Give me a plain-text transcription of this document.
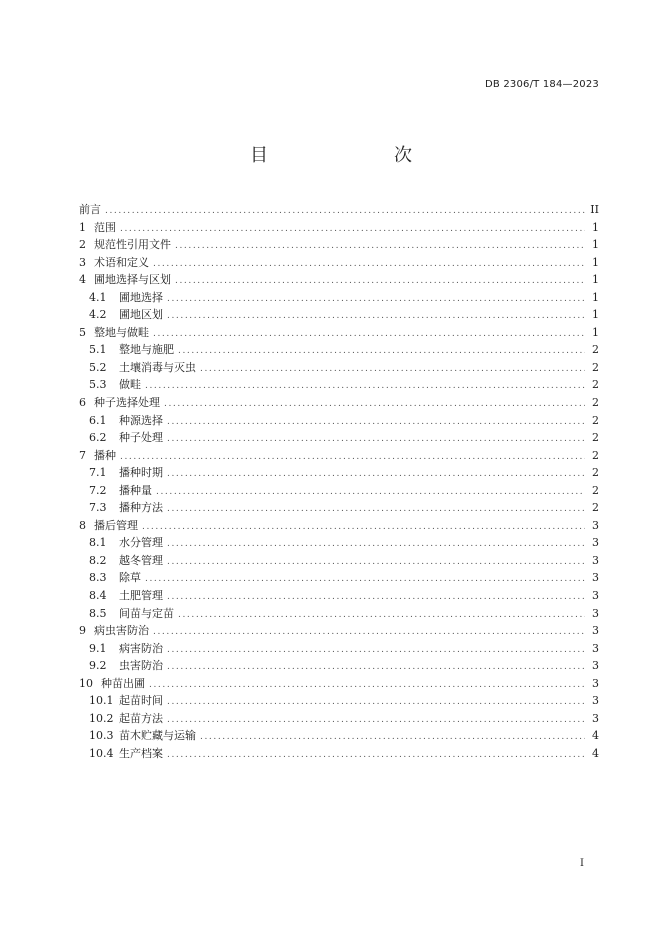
DB 2306/T 184—2023
目　　次
前言 .....	II
1 范围 .....	1
2 规范性引用文件 .....	1
3 术语和定义 .....	1
4 圃地选择与区划 .....	1
4.1	圃地选择 .....	1
4.2	圃地区划 .....	1
5 整地与做畦 .....	1
5.1	整地与施肥 .....	2
5.2	土壤消毒与灭虫 .....	2
5.3	做畦 .....	2
6 种子选择处理 .....	2
6.1	种源选择 .....	2
6.2	种子处理 .....	2
7 播种 .....	2
7.1	播种时期 .....	2
7.2	播种量 .....	2
7.3	播种方法 .....	2
8 播后管理 .....	3
8.1	水分管理 .....	3
8.2	越冬管理 .....	3
8.3	除草 .....	3
8.4	土肥管理 .....	3
8.5	间苗与定苗 .....	3
9 病虫害防治 .....	3
9.1	病害防治 .....	3
9.2	虫害防治 .....	3
10 种苗出圃 .....	3
10.1 起苗时间 .....	3
10.2 起苗方法 .....	3
10.3 苗木贮藏与运输 .....	4
10.4 生产档案 .....	4
I
